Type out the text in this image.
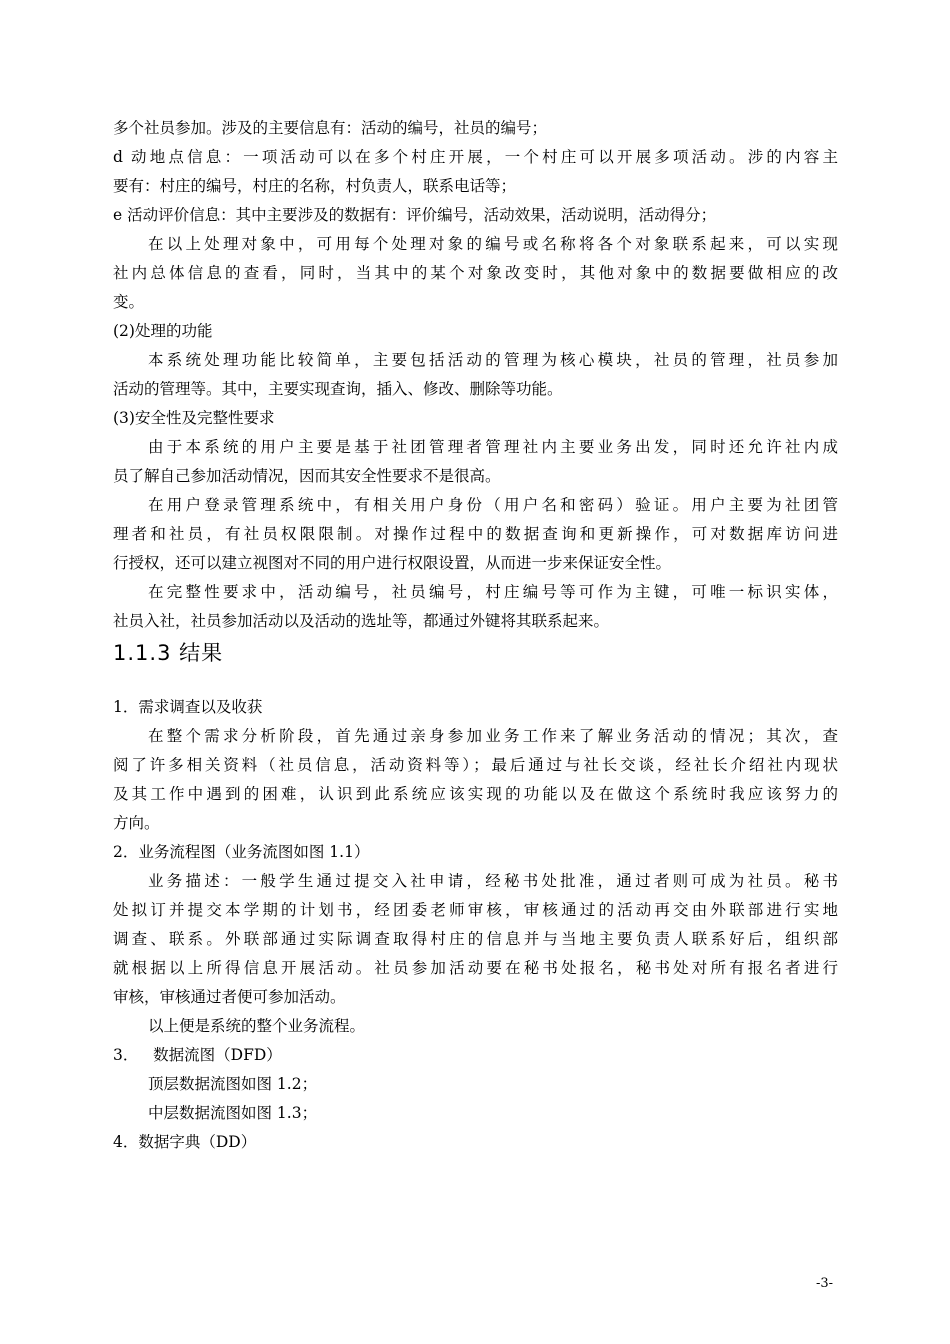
多个社员参加。涉及的主要信息有：活动的编号，社员的编号；
d 动地点信息：一项活动可以在多个村庄开展，一个村庄可以开展多项活动。涉的内容主
要有：村庄的编号，村庄的名称，村负责人，联系电话等；
e 活动评价信息：其中主要涉及的数据有：评价编号，活动效果，活动说明，活动得分；
在以上处理对象中，可用每个处理对象的编号或名称将各个对象联系起来，可以实现
社内总体信息的查看，同时，当其中的某个对象改变时，其他对象中的数据要做相应的改
变。
(2)处理的功能
本系统处理功能比较简单，主要包括活动的管理为核心模块，社员的管理，社员参加
活动的管理等。其中，主要实现查询，插入、修改、删除等功能。
(3)安全性及完整性要求
由于本系统的用户主要是基于社团管理者管理社内主要业务出发，同时还允许社内成
员了解自己参加活动情况，因而其安全性要求不是很高。
在用户登录管理系统中，有相关用户身份（用户名和密码）验证。用户主要为社团管
理者和社员，有社员权限限制。对操作过程中的数据查询和更新操作，可对数据库访问进
行授权，还可以建立视图对不同的用户进行权限设置，从而进一步来保证安全性。
在完整性要求中，活动编号，社员编号，村庄编号等可作为主键，可唯一标识实体，
社员入社，社员参加活动以及活动的选址等，都通过外键将其联系起来。
1.1.3 结果
1．需求调查以及收获
在整个需求分析阶段，首先通过亲身参加业务工作来了解业务活动的情况；其次，查
阅了许多相关资料（社员信息，活动资料等）；最后通过与社长交谈，经社长介绍社内现状
及其工作中遇到的困难，认识到此系统应该实现的功能以及在做这个系统时我应该努力的
方向。
2．业务流程图（业务流图如图 1.1）
业务描述：一般学生通过提交入社申请，经秘书处批准，通过者则可成为社员。秘书
处拟订并提交本学期的计划书，经团委老师审核，审核通过的活动再交由外联部进行实地
调查、联系。外联部通过实际调查取得村庄的信息并与当地主要负责人联系好后，组织部
就根据以上所得信息开展活动。社员参加活动要在秘书处报名，秘书处对所有报名者进行
审核，审核通过者便可参加活动。
以上便是系统的整个业务流程。
3．   数据流图（DFD）
顶层数据流图如图 1.2；
中层数据流图如图 1.3；
4．数据字典（DD）
-3-
